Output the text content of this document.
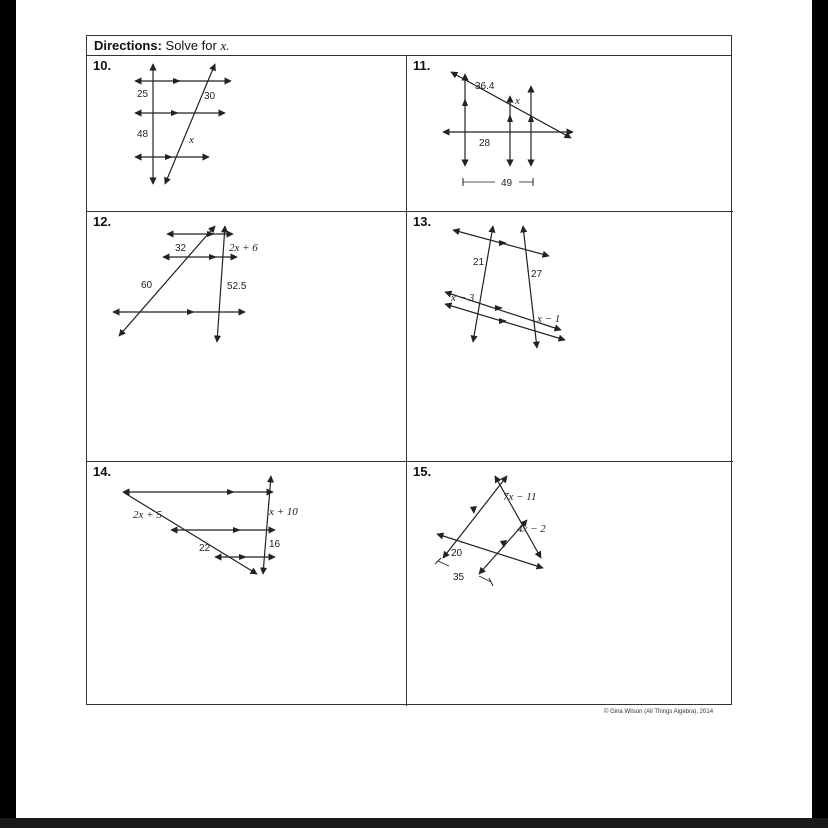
Directions: Solve for x.
10.
25	30
48	x
11.
36.4
x
28
49
12.
32	2x + 6
60	52.5
13.
21
27
x − 3
x − 1
14.
2x + 5	x + 10
22	16
15.
7x − 11
4x − 2
20
35
© Gina Wilson (All Things Algebra), 2014
